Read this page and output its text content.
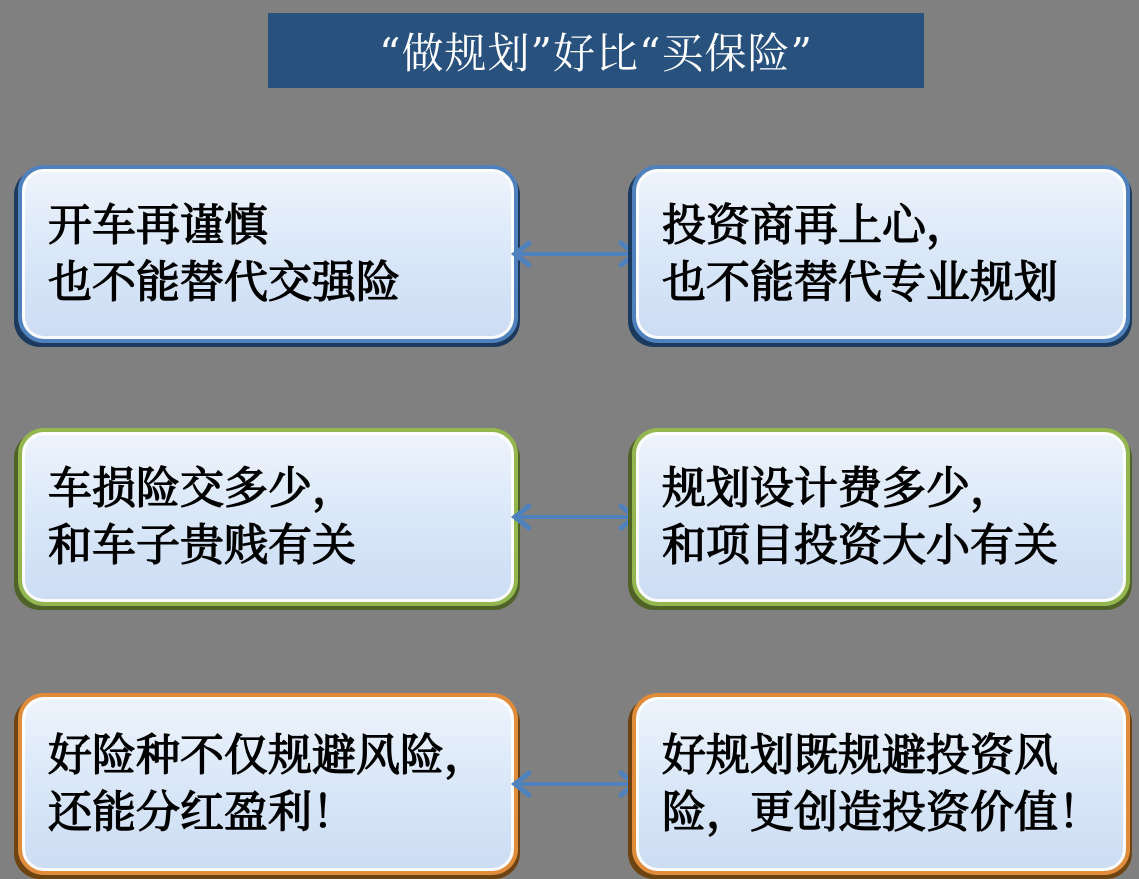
“做规划”好比“买保险”
开车再谨慎
也不能替代交强险
投资商再上心，
也不能替代专业规划
车损险交多少，
和车子贵贱有关
规划设计费多少，
和项目投资大小有关
好险种不仅规避风险，
还能分红盈利！
好规划既规避投资风
险，更创造投资价值！
